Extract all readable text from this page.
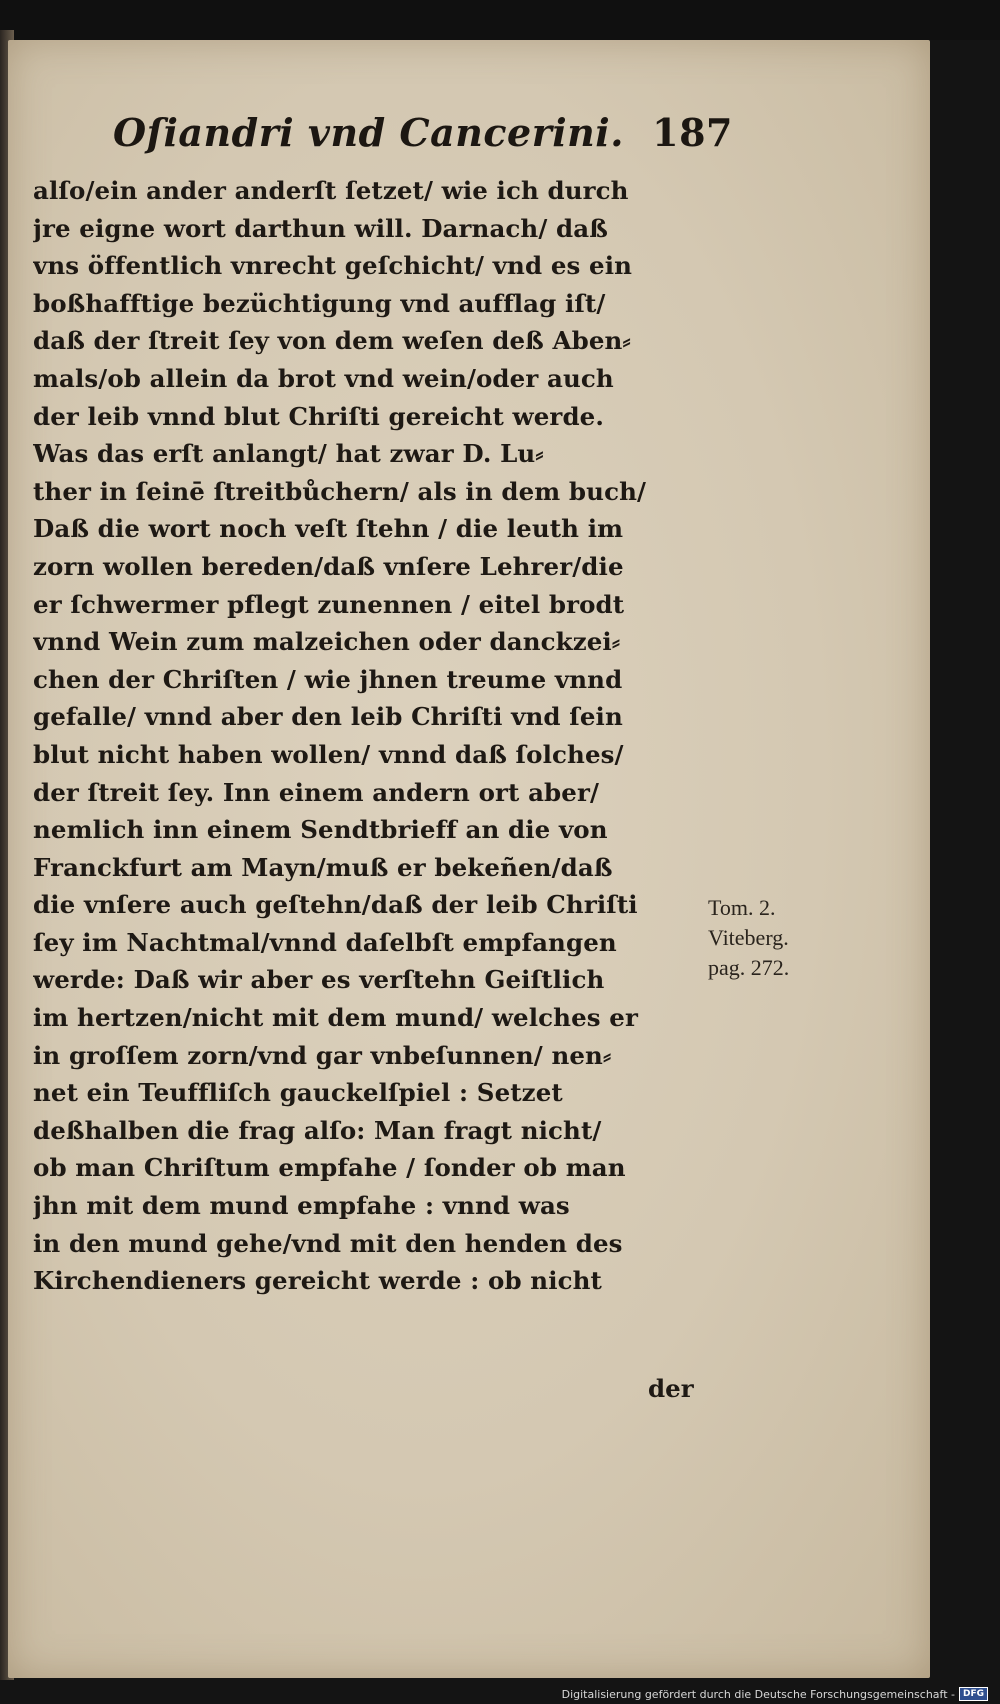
Oſiandri vnd Cancerini. 187
alſo/ein ander anderſt ſetzet/ wie ich durch
jre eigne wort darthun will. Darnach/ daß
vns öffentlich vnrecht geſchicht/ vnd es ein
boßhafftige bezüchtigung vnd aufflag iſt/
daß der ſtreit ſey von dem weſen deß Aben⸗
mals/ob allein da brot vnd wein/oder auch
der leib vnnd blut Chriſti gereicht werde.
Was das erſt anlangt/ hat zwar D. Lu⸗
ther in ſeinē ſtreitbůchern/ als in dem buch/
Daß die wort noch veſt ſtehn / die leuth im
zorn wollen bereden/daß vnſere Lehrer/die
er ſchwermer pflegt zunennen / eitel brodt
vnnd Wein zum malzeichen oder danckzei⸗
chen der Chriſten / wie jhnen treume vnnd
gefalle/ vnnd aber den leib Chriſti vnd ſein
blut nicht haben wollen/ vnnd daß ſolches/
der ſtreit ſey. Inn einem andern ort aber/
nemlich inn einem Sendtbrieff an die von
Franckfurt am Mayn/muß er bekeñen/daß
die vnſere auch geſtehn/daß der leib Chriſti
ſey im Nachtmal/vnnd daſelbſt empfangen
werde: Daß wir aber es verſtehn Geiſtlich
im hertzen/nicht mit dem mund/ welches er
in groſſem zorn/vnd gar vnbeſunnen/ nen⸗
net ein Teuffliſch gauckelſpiel : Setzet
deßhalben die frag alſo: Man fragt nicht/
ob man Chriſtum empfahe / ſonder ob man
jhn mit dem mund empfahe : vnnd was
in den mund gehe/vnd mit den henden des
Kirchendieners gereicht werde : ob nicht
der
Tom. 2.
Viteberg.
pag. 272.
Digitalisierung gefördert durch die Deutsche Forschungsgemeinschaft - DFG
